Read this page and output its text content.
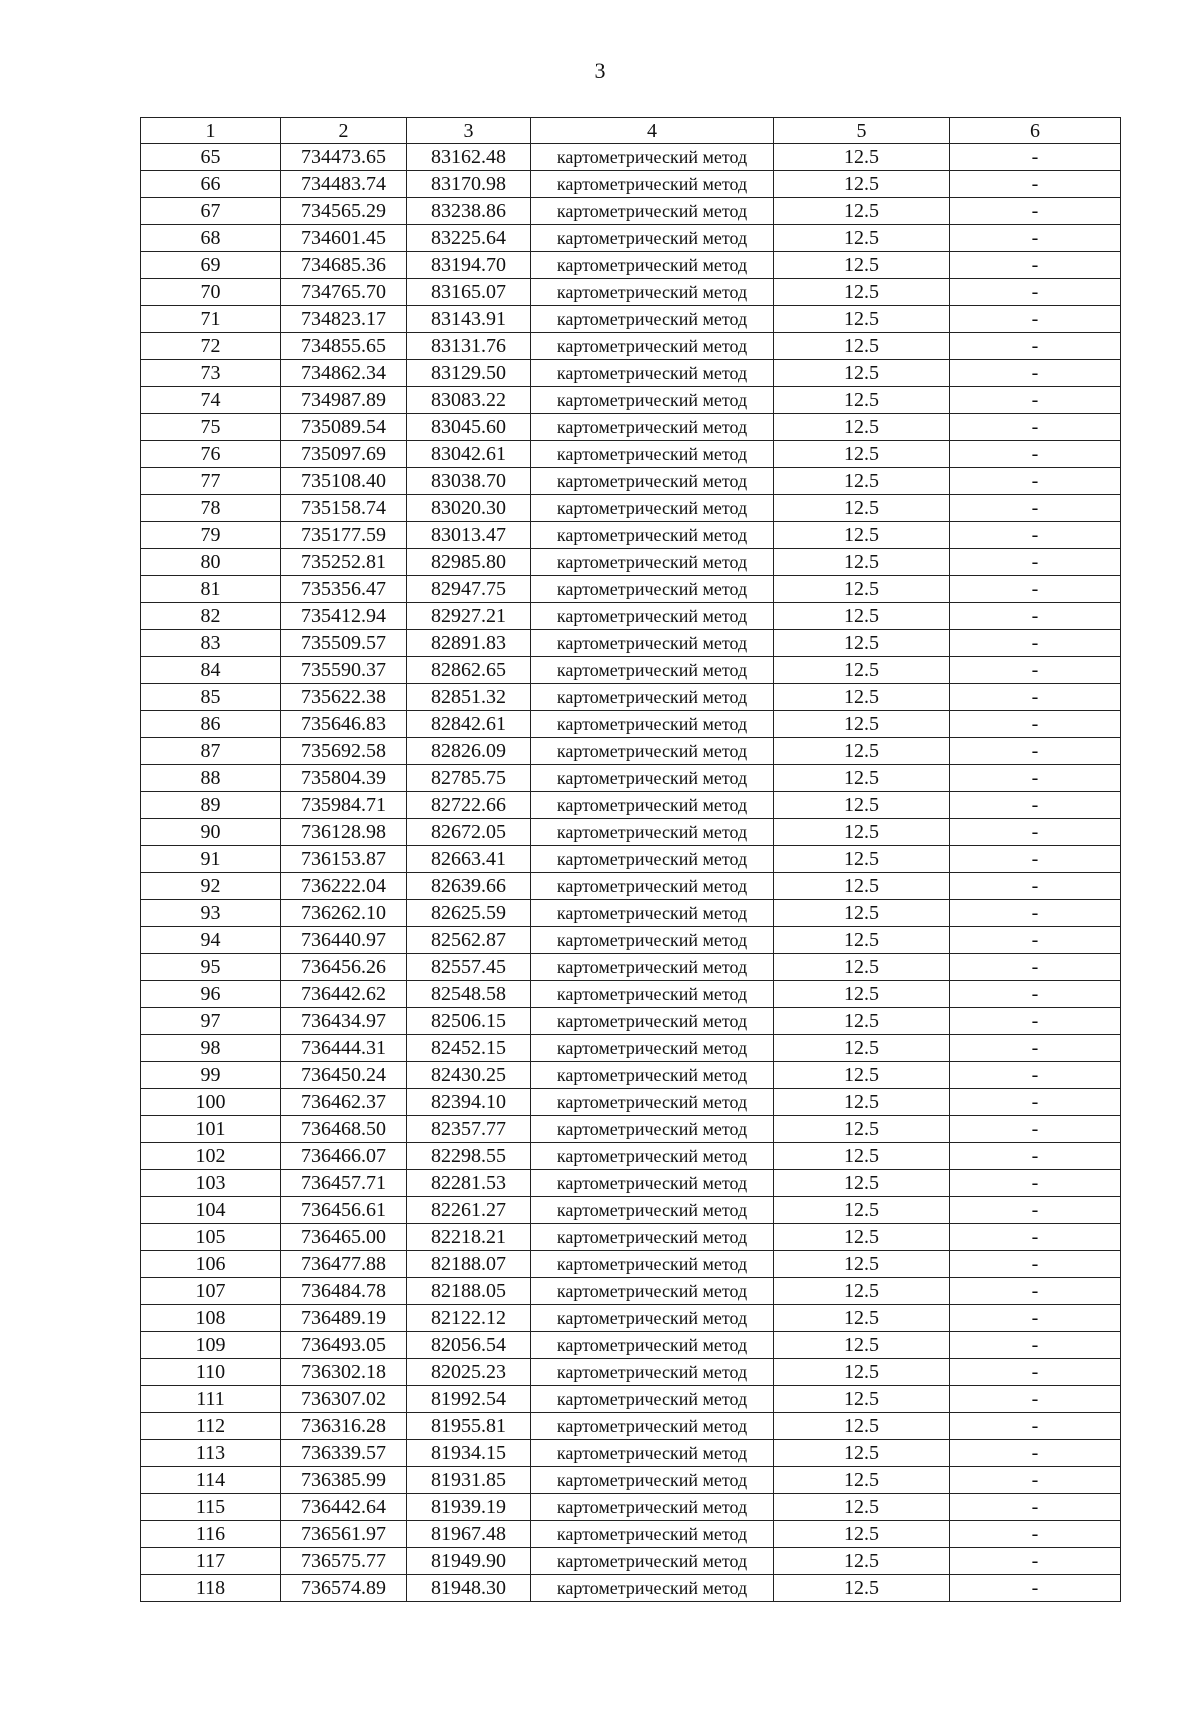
3
1	2	3	4	5	6
65	734473.65	83162.48	картометрический метод	12.5	-
66	734483.74	83170.98	картометрический метод	12.5	-
67	734565.29	83238.86	картометрический метод	12.5	-
68	734601.45	83225.64	картометрический метод	12.5	-
69	734685.36	83194.70	картометрический метод	12.5	-
70	734765.70	83165.07	картометрический метод	12.5	-
71	734823.17	83143.91	картометрический метод	12.5	-
72	734855.65	83131.76	картометрический метод	12.5	-
73	734862.34	83129.50	картометрический метод	12.5	-
74	734987.89	83083.22	картометрический метод	12.5	-
75	735089.54	83045.60	картометрический метод	12.5	-
76	735097.69	83042.61	картометрический метод	12.5	-
77	735108.40	83038.70	картометрический метод	12.5	-
78	735158.74	83020.30	картометрический метод	12.5	-
79	735177.59	83013.47	картометрический метод	12.5	-
80	735252.81	82985.80	картометрический метод	12.5	-
81	735356.47	82947.75	картометрический метод	12.5	-
82	735412.94	82927.21	картометрический метод	12.5	-
83	735509.57	82891.83	картометрический метод	12.5	-
84	735590.37	82862.65	картометрический метод	12.5	-
85	735622.38	82851.32	картометрический метод	12.5	-
86	735646.83	82842.61	картометрический метод	12.5	-
87	735692.58	82826.09	картометрический метод	12.5	-
88	735804.39	82785.75	картометрический метод	12.5	-
89	735984.71	82722.66	картометрический метод	12.5	-
90	736128.98	82672.05	картометрический метод	12.5	-
91	736153.87	82663.41	картометрический метод	12.5	-
92	736222.04	82639.66	картометрический метод	12.5	-
93	736262.10	82625.59	картометрический метод	12.5	-
94	736440.97	82562.87	картометрический метод	12.5	-
95	736456.26	82557.45	картометрический метод	12.5	-
96	736442.62	82548.58	картометрический метод	12.5	-
97	736434.97	82506.15	картометрический метод	12.5	-
98	736444.31	82452.15	картометрический метод	12.5	-
99	736450.24	82430.25	картометрический метод	12.5	-
100	736462.37	82394.10	картометрический метод	12.5	-
101	736468.50	82357.77	картометрический метод	12.5	-
102	736466.07	82298.55	картометрический метод	12.5	-
103	736457.71	82281.53	картометрический метод	12.5	-
104	736456.61	82261.27	картометрический метод	12.5	-
105	736465.00	82218.21	картометрический метод	12.5	-
106	736477.88	82188.07	картометрический метод	12.5	-
107	736484.78	82188.05	картометрический метод	12.5	-
108	736489.19	82122.12	картометрический метод	12.5	-
109	736493.05	82056.54	картометрический метод	12.5	-
110	736302.18	82025.23	картометрический метод	12.5	-
111	736307.02	81992.54	картометрический метод	12.5	-
112	736316.28	81955.81	картометрический метод	12.5	-
113	736339.57	81934.15	картометрический метод	12.5	-
114	736385.99	81931.85	картометрический метод	12.5	-
115	736442.64	81939.19	картометрический метод	12.5	-
116	736561.97	81967.48	картометрический метод	12.5	-
117	736575.77	81949.90	картометрический метод	12.5	-
118	736574.89	81948.30	картометрический метод	12.5	-
